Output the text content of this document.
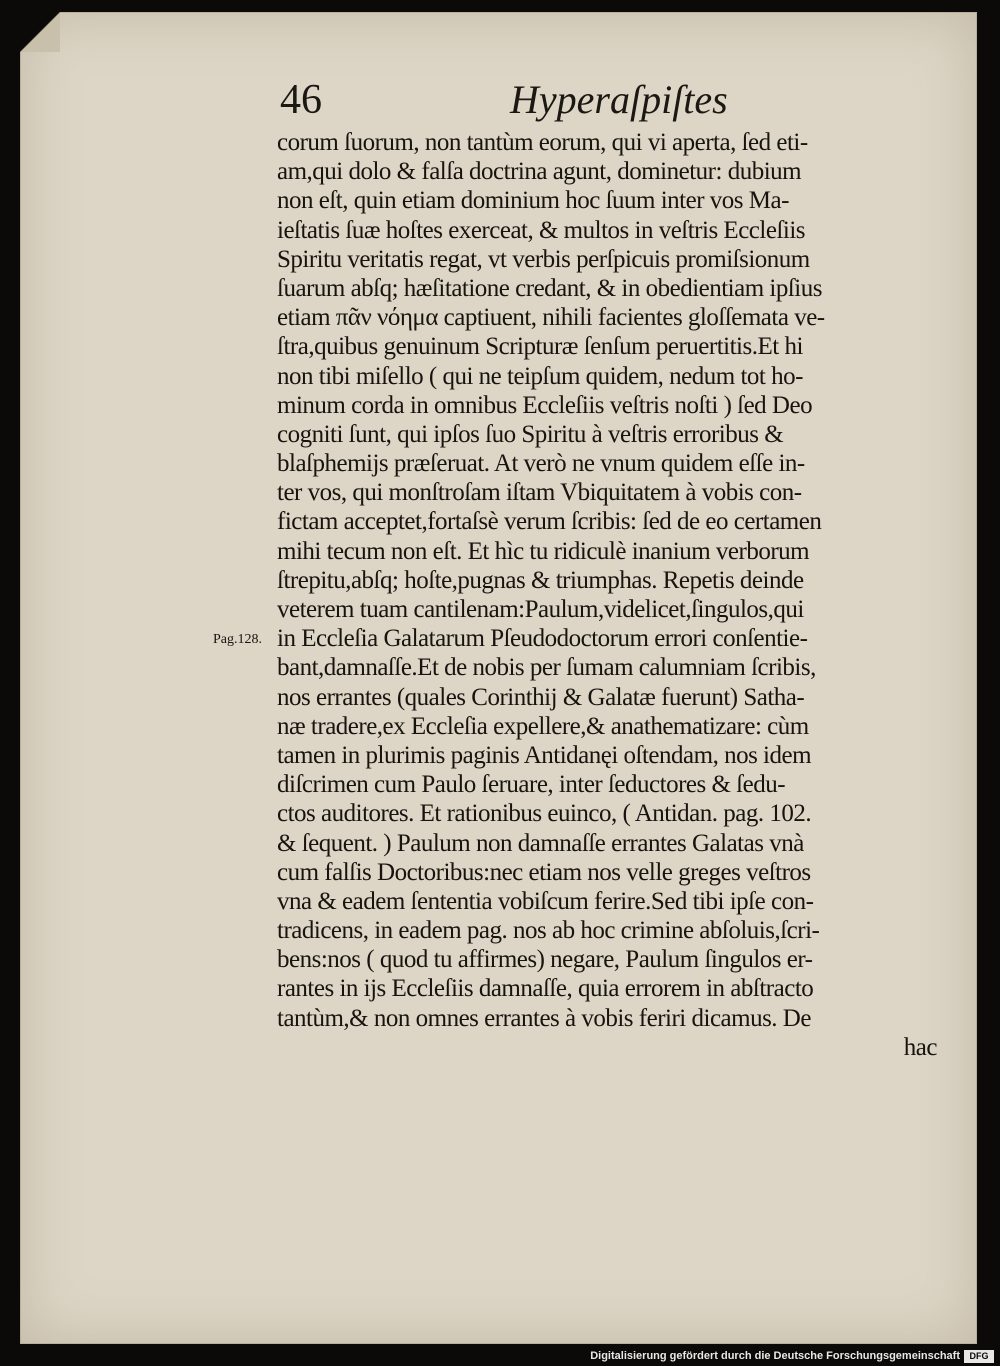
46	Hyperaſpiſtes
Pag.128.
corum ſuorum, non tantùm eorum, qui vi aperta, ſed eti-
am,qui dolo & falſa doctrina agunt, dominetur: dubium
non eſt, quin etiam dominium hoc ſuum inter vos Ma-
ieſtatis ſuæ hoſtes exerceat, & multos in veſtris Eccleſiis
Spiritu veritatis regat, vt verbis perſpicuis promiſsionum
ſuarum abſq; hæſitatione credant, & in obedientiam ipſius
etiam πᾶν νόημα captiuent, nihili facientes gloſſemata ve-
ſtra,quibus genuinum Scripturæ ſenſum peruertitis.Et hi
non tibi miſello ( qui ne teipſum quidem, nedum tot ho-
minum corda in omnibus Eccleſiis veſtris noſti ) ſed Deo
cogniti ſunt, qui ipſos ſuo Spiritu à veſtris erroribus &
blaſphemijs præſeruat. At verò ne vnum quidem eſſe in-
ter vos, qui monſtroſam iſtam Vbiquitatem à vobis con-
fictam acceptet,fortaſsè verum ſcribis: ſed de eo certamen
mihi tecum non eſt. Et hìc tu ridiculè inanium verborum
ſtrepitu,abſq; hoſte,pugnas & triumphas. Repetis deinde
veterem tuam cantilenam:Paulum,videlicet,ſingulos,qui
in Eccleſia Galatarum Pſeudodoctorum errori conſentie-
bant,damnaſſe.Et de nobis per ſumam calumniam ſcribis,
nos errantes (quales Corinthij & Galatæ fuerunt) Satha-
næ tradere,ex Eccleſia expellere,& anathematizare: cùm
tamen in plurimis paginis Antidanęi oſtendam, nos idem
diſcrimen cum Paulo ſeruare, inter ſeductores & ſedu-
ctos auditores. Et rationibus euinco, ( Antidan. pag. 102.
& ſequent. ) Paulum non damnaſſe errantes Galatas vnà
cum falſis Doctoribus:nec etiam nos velle greges veſtros
vna & eadem ſententia vobiſcum ferire.Sed tibi ipſe con-
tradicens, in eadem pag. nos ab hoc crimine abſoluis,ſcri-
bens:nos ( quod tu affirmes) negare, Paulum ſingulos er-
rantes in ijs Eccleſiis damnaſſe, quia errorem in abſtracto
tantùm,& non omnes errantes à vobis feriri dicamus. De
hac
Digitalisierung gefördert durch die Deutsche Forschungsgemeinschaft	DFG
